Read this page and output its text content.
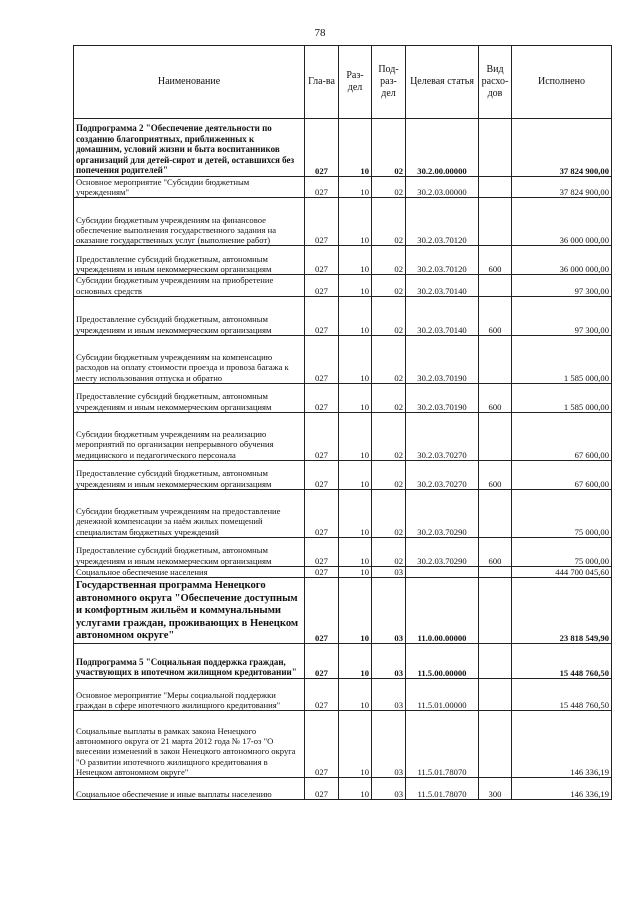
78
Наименование	Гла-ва	Раз-дел	Под-раз-дел	Целевая статья	Вид расхо-дов	Исполнено
Подпрограмма 2 "Обеспечение деятельности по созданию благоприятных, приближенных к домашним, условий жизни и быта воспитанников организаций для детей-сирот и детей, оставшихся без попечения родителей"	027	10	02	30.2.00.00000		37 824 900,00
Основное мероприятие "Субсидии бюджетным учреждениям"	027	10	02	30.2.03.00000		37 824 900,00
Субсидии бюджетным учреждениям на финансовое обеспечение выполнения государственного задания на оказание государственных услуг (выполнение работ)	027	10	02	30.2.03.70120		36 000 000,00
Предоставление субсидий бюджетным, автономным учреждениям и иным некоммерческим организациям	027	10	02	30.2.03.70120	600	36 000 000,00
Субсидии бюджетным учреждениям на приобретение основных средств	027	10	02	30.2.03.70140		97 300,00
Предоставление субсидий бюджетным, автономным учреждениям и иным некоммерческим организациям	027	10	02	30.2.03.70140	600	97 300,00
Субсидии бюджетным учреждениям на компенсацию расходов на оплату стоимости проезда и провоза багажа к месту использования отпуска и обратно	027	10	02	30.2.03.70190		1 585 000,00
Предоставление субсидий бюджетным, автономным учреждениям и иным некоммерческим организациям	027	10	02	30.2.03.70190	600	1 585 000,00
Субсидии бюджетным учреждениям на реализацию мероприятий по организации непрерывного обучения медицинского и педагогического персонала	027	10	02	30.2.03.70270		67 600,00
Предоставление субсидий бюджетным, автономным учреждениям и иным некоммерческим организациям	027	10	02	30.2.03.70270	600	67 600,00
Субсидии бюджетным учреждениям на предоставление денежной компенсации за наём жилых помещений специалистам бюджетных учреждений	027	10	02	30.2.03.70290		75 000,00
Предоставление субсидий бюджетным, автономным учреждениям и иным некоммерческим организациям	027	10	02	30.2.03.70290	600	75 000,00
Социальное обеспечение населения	027	10	03			444 700 045,60
Государственная программа Ненецкого автономного округа "Обеспечение доступным и комфортным жильём и коммунальными услугами граждан, проживающих в Ненецком автономном округе"	027	10	03	11.0.00.00000		23 818 549,90
Подпрограмма 5 "Социальная поддержка граждан, участвующих в ипотечном жилищном кредитовании"	027	10	03	11.5.00.00000		15 448 760,50
Основное мероприятие "Меры социальной поддержки граждан в сфере ипотечного жилищного кредитования"	027	10	03	11.5.01.00000		15 448 760,50
Социальные выплаты в рамках закона Ненецкого автономного округа от 21 марта 2012 года № 17-оз "О внесении изменений в закон Ненецкого автономного округа "О развитии ипотечного жилищного кредитования в Ненецком автономном округе"	027	10	03	11.5.01.78070		146 336,19
Социальное обеспечение и иные выплаты населению	027	10	03	11.5.01.78070	300	146 336,19
